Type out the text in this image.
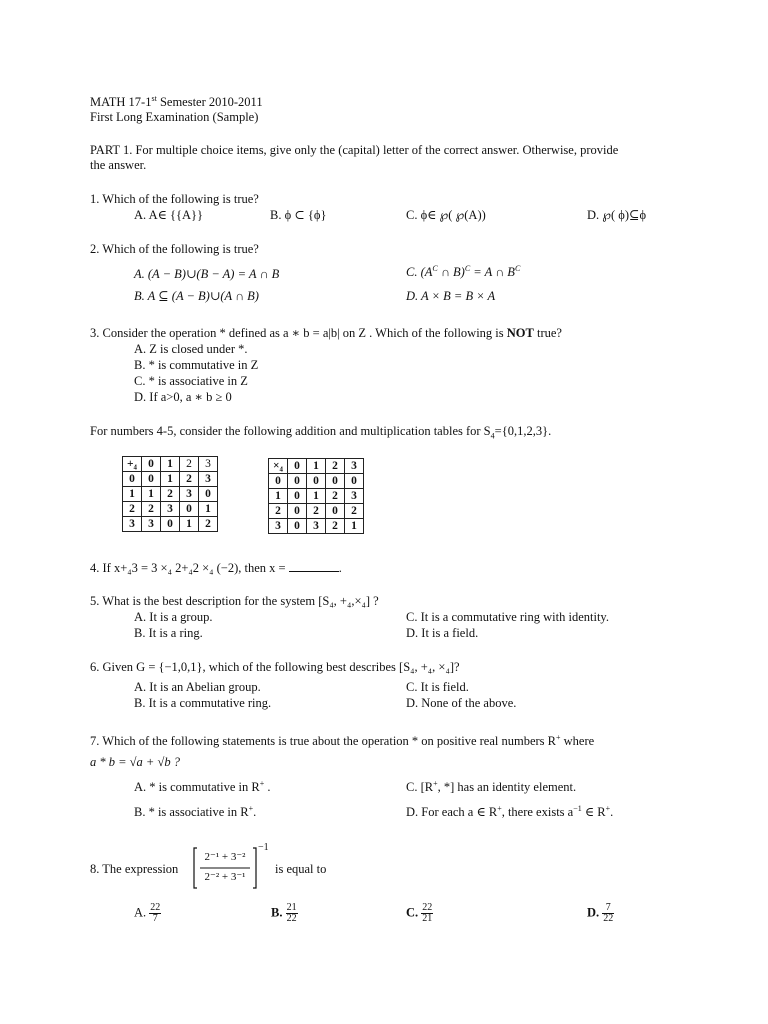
MATH 17-1st Semester 2010-2011
First Long Examination (Sample)
PART 1. For multiple choice items, give only the (capital) letter of the correct answer. Otherwise, provide
the answer.
1. Which of the following is true?
A. A∈ {{A}}	B. ϕ ⊂ {ϕ}	C. ϕ∈ ℘( ℘(A))	D. ℘( ϕ)⊆ϕ
2. Which of the following is true?
A. (A − B)∪(B − A) = A ∩ B	C. ($A^C$ ∩ B)$^C$ = A ∩ $B^C$
B. A ⊆ (A − B)∪(A ∩ B)	D. A × B = B × A
3. Consider the operation * defined as a ∗ b = a|b| on Z . Which of the following is NOT true?
A. Z is closed under *.
B. * is commutative in Z
C. * is associative in Z
D. If a>0, a ∗ b ≥ 0
For numbers 4-5, consider the following addition and multiplication tables for $S_4=\{0,1,2,3\}$.
+₄	0	1	2	3
0	0	1	2	3
1	1	2	3	0
2	2	3	0	1
3	3	0	1	2
×₄	0	1	2	3
0	0	0	0	0
1	0	1	2	3
2	0	2	0	2
3	0	3	2	1
4. If x+₄3 = 3 ×₄ 2+₄2 ×₄ (−2), then x =	.
5. What is the best description for the system [S₄, +₄,×₄] ?
A. It is a group.	C. It is a commutative ring with identity.
B. It is a ring.	D. It is a field.
6. Given G = {−1,0,1}, which of the following best describes [S₄, +₄, ×₄]?
A. It is an Abelian group.	C. It is field.
B. It is a commutative ring.	D. None of the above.
7. Which of the following statements is true about the operation * on positive real numbers R+ where
a * b = √a + √b ?
A. * is commutative in R+ .	C. [R+, *] has an identity element.
B. * is associative in R+.	D. For each a ∈ R+, there exists $a^{-1}$ ∈ R+.
8. The expression
2⁻¹ + 3⁻²
2⁻² + 3⁻¹
−1
is equal to
A. $\frac{22}{7}$	B. $\frac{21}{22}$	C. $\frac{22}{21}$	D. $\frac{7}{22}$
